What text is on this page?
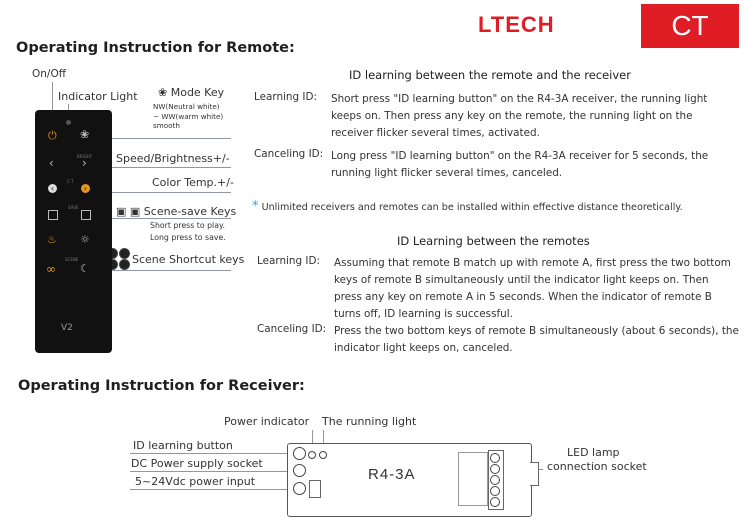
LTECH	CT
Operating Instruction for Remote:
On/Off
Indicator Light ❀ Mode Key
NW(Neutral white)
− WW(warm white)
smooth
Speed/Brightness+/-
Color Temp.+/-
▣ ▣ Scene-save Keys
Short press to play.
Long press to save.
Scene Shortcut keys
⏻ ❀
BRIGHT
‹ ›
C.T
‹	›
SAVE
♨ ☼
SCENE
∞ ☾
V2
ID learning between the remote and the receiver
Learning ID: Short press "ID learning button" on the R4-3A receiver, the running light keeps on. Then press any key on the remote, the running light on the receiver flicker several times, activated.
Canceling ID: Long press "ID learning button" on the R4-3A receiver for 5 seconds, the running light flicker several times, canceled.
* Unlimited receivers and remotes can be installed within effective distance theoretically.
ID Learning between the remotes
Learning ID: Assuming that remote B match up with remote A, first press the two bottom keys of remote B simultaneously until the indicator light keeps on. Then press any key on remote A in 5 seconds. When the indicator of remote B turns off, ID learning is successful.
Canceling ID: Press the two bottom keys of remote B simultaneously (about 6 seconds), the indicator light keeps on, canceled.
Operating Instruction for Receiver:
Power indicator The running light
ID learning button
DC Power supply socket
5~24Vdc power input
LED lamp
connection socket
R4-3A
